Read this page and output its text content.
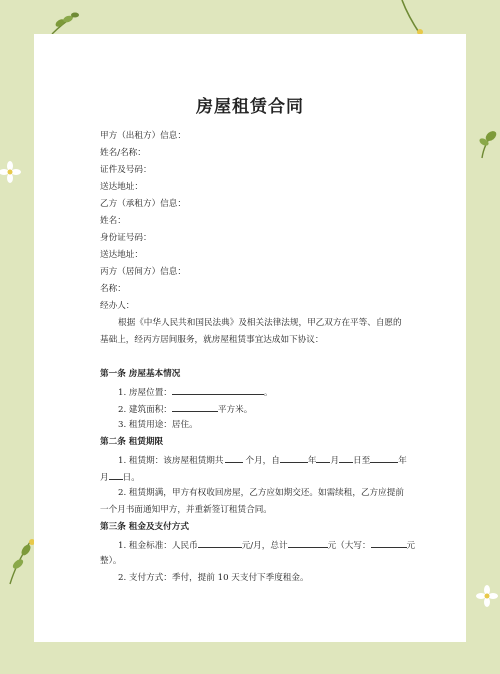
房屋租赁合同
甲方（出租方）信息：
姓名/名称：
证件及号码：
送达地址：
乙方（承租方）信息：
姓名：
身份证号码：
送达地址：
丙方（居间方）信息：
名称：
经办人：
根据《中华人民共和国民法典》及相关法律法规，甲乙双方在平等、自愿的
基础上，经丙方居间服务，就房屋租赁事宜达成如下协议：
第一条 房屋基本情况
1. 房屋位置：	。
2. 建筑面积：	平方米。
3. 租赁用途：居住。
第二条 租赁期限
1. 租赁期：该房屋租赁期共	个月，自	年 月 日至	年
月 日。
2. 租赁期满，甲方有权收回房屋，乙方应如期交还。如需续租，乙方应提前
一个月书面通知甲方，并重新签订租赁合同。
第三条 租金及支付方式
1. 租金标准：人民币	元/月，总计	元（大写：	元
整）。
2. 支付方式：季付，提前 10 天支付下季度租金。
